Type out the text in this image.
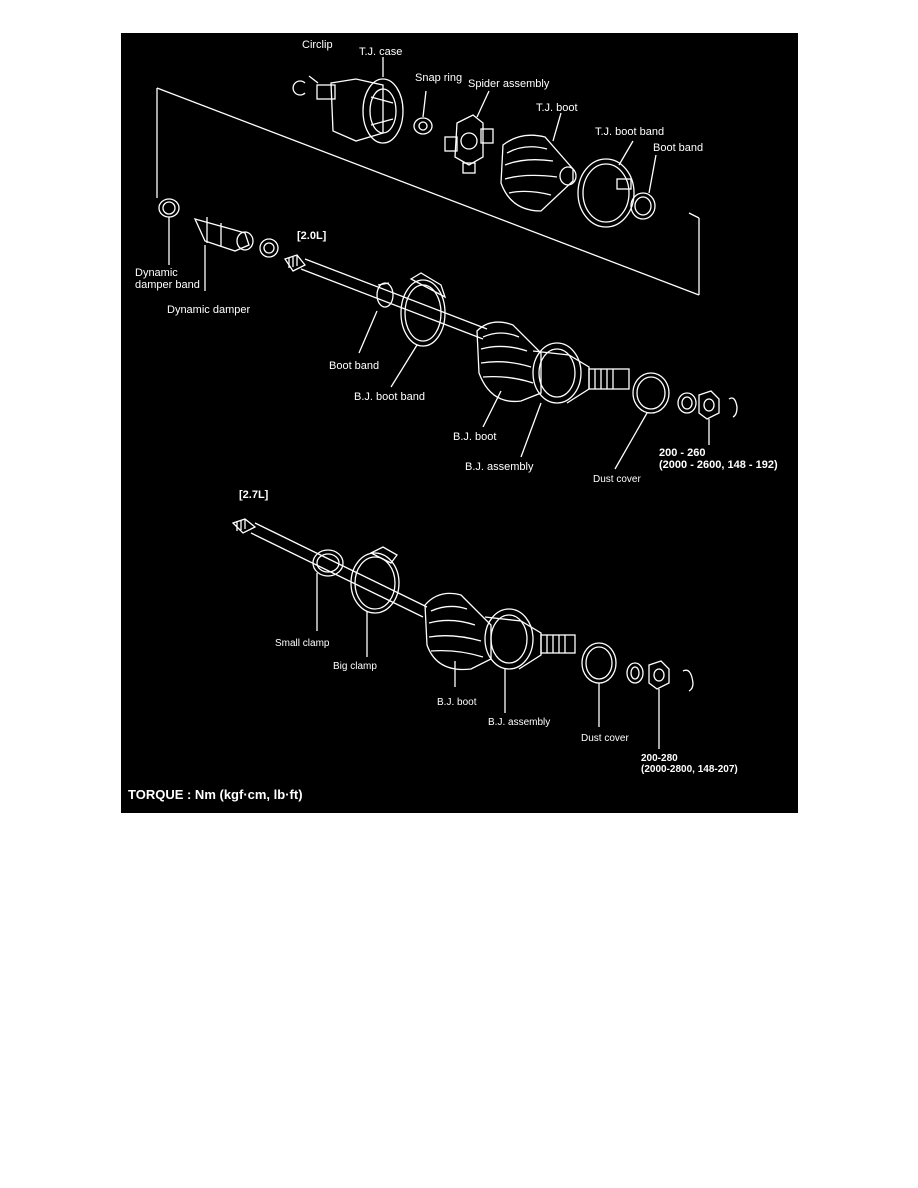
Circlip
T.J. case
Snap ring Spider assembly
T.J. boot
T.J. boot band
Boot band
[2.0L]
Dynamic
damper band
Dynamic damper
Boot band
B.J. boot band
B.J. boot
200 - 260
(2000 - 2600, 148 - 192)
B.J. assembly
Dust cover
[2.7L]
Small clamp
Big clamp
B.J. boot
B.J. assembly
Dust cover
200-280
(2000-2800, 148-207)
TORQUE : Nm (kgf·cm, lb·ft)
